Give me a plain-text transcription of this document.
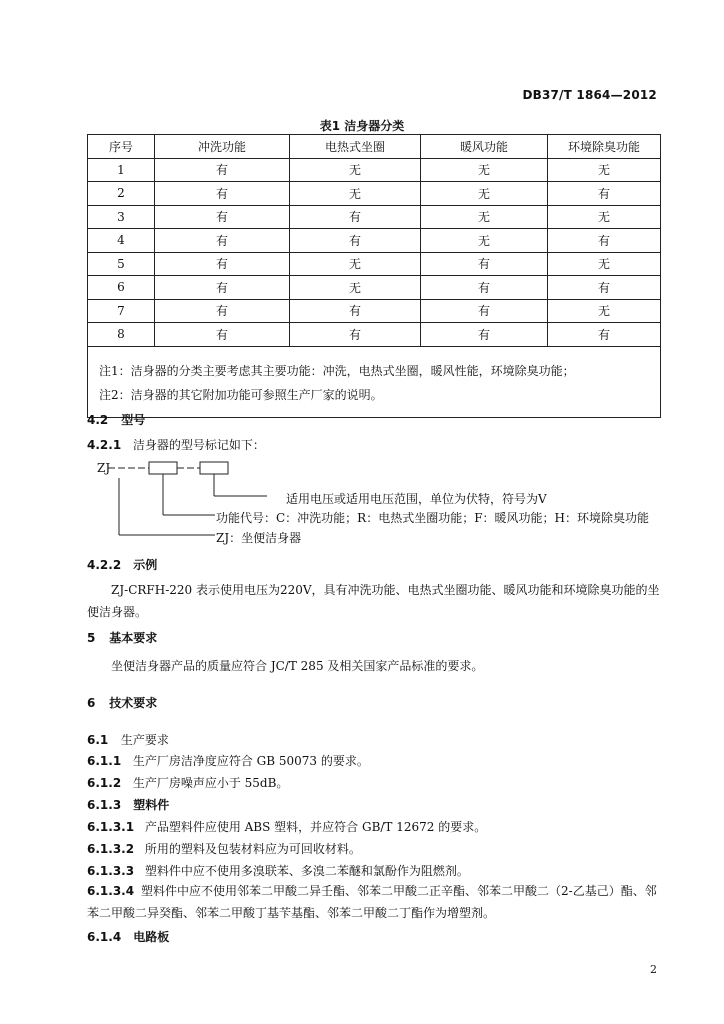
DB37/T 1864—2012
表1 洁身器分类
序号	冲洗功能	电热式坐圈	暖风功能	环境除臭功能
1	有	无	无	无
2	有	无	无	有
3	有	有	无	无
4	有	有	无	有
5	有	无	有	无
6	有	无	有	有
7	有	有	有	无
8	有	有	有	有

注1：洁身器的分类主要考虑其主要功能：冲洗，电热式坐圈，暖风性能，环境除臭功能；
注2：洁身器的其它附加功能可参照生产厂家的说明。				
4.2 型号
4.2.1 洁身器的型号标记如下：
ZJ
适用电压或适用电压范围，单位为伏特，符号为V
功能代号：C：冲洗功能；R：电热式坐圈功能；F：暖风功能；H：环境除臭功能
ZJ：坐便洁身器
4.2.2 示例
ZJ-CRFH-220 表示使用电压为220V，具有冲洗功能、电热式坐圈功能、暖风功能和环境除臭功能的坐便洁身器。
5 基本要求
坐便洁身器产品的质量应符合 JC/T 285 及相关国家产品标准的要求。
6 技术要求
6.1 生产要求
6.1.1 生产厂房洁净度应符合 GB 50073 的要求。
6.1.2 生产厂房噪声应小于 55dB。
6.1.3 塑料件
6.1.3.1 产品塑料件应使用 ABS 塑料，并应符合 GB/T 12672 的要求。
6.1.3.2 所用的塑料及包装材料应为可回收材料。
6.1.3.3 塑料件中应不使用多溴联苯、多溴二苯醚和氯酚作为阻燃剂。
6.1.3.4 塑料件中应不使用邻苯二甲酸二异壬酯、邻苯二甲酸二正辛酯、邻苯二甲酸二（2-乙基己）酯、邻苯二甲酸二异癸酯、邻苯二甲酸丁基苄基酯、邻苯二甲酸二丁酯作为增塑剂。
6.1.4 电路板
2
